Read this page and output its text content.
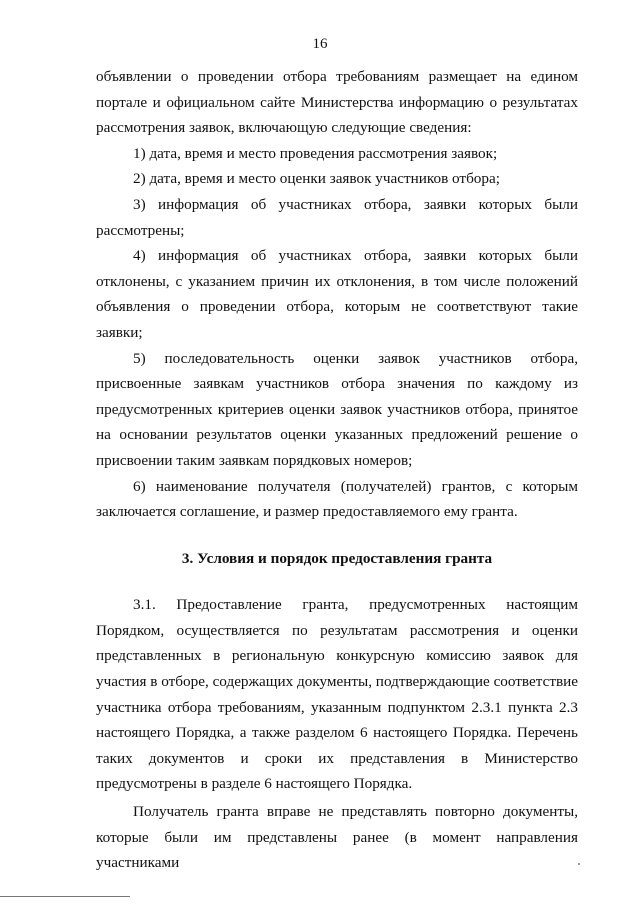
16

объявлении о проведении отбора требованиям размещает на едином портале и официальном сайте Министерства информацию о результатах рассмотрения заявок, включающую следующие сведения:

1) дата, время и место проведения рассмотрения заявок;

2) дата, время и место оценки заявок участников отбора;

3) информация об участниках отбора, заявки которых были рассмотрены;

4) информация об участниках отбора, заявки которых были отклонены, с указанием причин их отклонения, в том числе положений объявления о проведении отбора, которым не соответствуют такие заявки;

5) последовательность оценки заявок участников отбора, присвоенные заявкам участников отбора значения по каждому из предусмотренных критериев оценки заявок участников отбора, принятое на основании результатов оценки указанных предложений решение о присвоении таким заявкам порядковых номеров;

6) наименование получателя (получателей) грантов, с которым заключается соглашение, и размер предоставляемого ему гранта.

3. Условия и порядок предоставления гранта

3.1. Предоставление гранта, предусмотренных настоящим Порядком, осуществляется по результатам рассмотрения и оценки представленных в региональную конкурсную комиссию заявок для участия в отборе, содержащих документы, подтверждающие соответствие участника отбора требованиям, указанным подпунктом 2.3.1 пункта 2.3 настоящего Порядка, а также разделом 6 настоящего Порядка. Перечень таких документов и сроки их представления в Министерство предусмотрены в разделе 6 настоящего Порядка.

Получатель гранта вправе не представлять повторно документы, которые были им представлены ранее (в момент направления участниками
